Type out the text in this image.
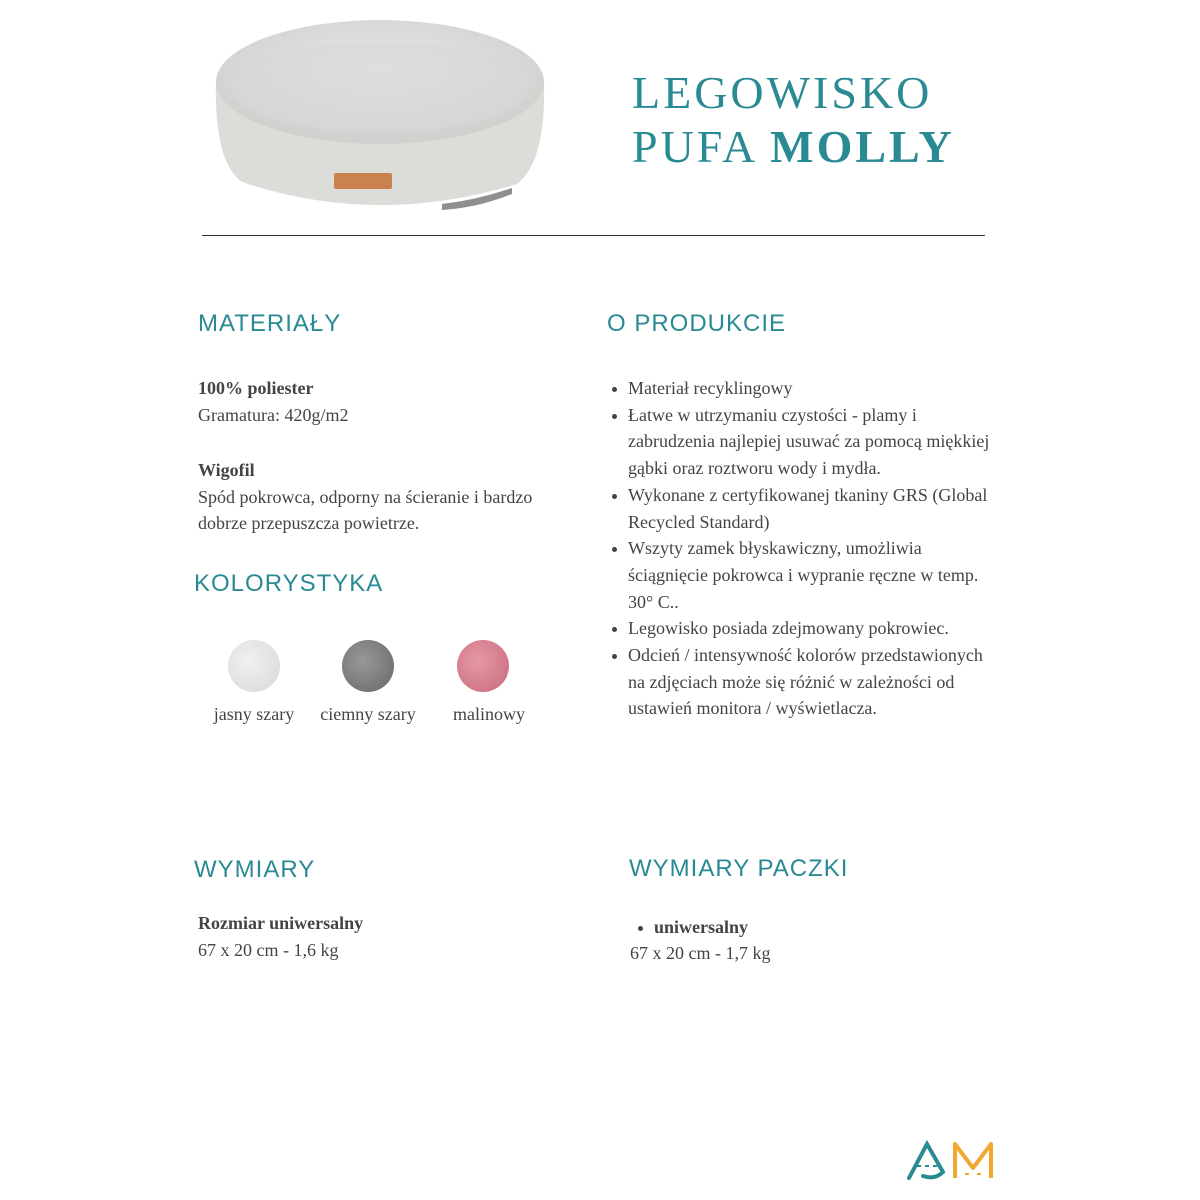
LEGOWISKO
PUFA MOLLY
MATERIAŁY
100% poliester
Gramatura: 420g/m2
Wigofil
Spód pokrowca, odporny na ścieranie i bardzo dobrze przepuszcza powietrze.
KOLORYSTYKA
jasny szary	ciemny szary	malinowy
O PRODUKCIE
Materiał recyklingowy
Łatwe w utrzymaniu czystości - plamy i zabrudzenia najlepiej usuwać za pomocą miękkiej gąbki oraz roztworu wody i mydła.
Wykonane z certyfikowanej tkaniny GRS (Global Recycled Standard)
Wszyty zamek błyskawiczny, umożliwia ściągnięcie pokrowca i wypranie ręczne w temp. 30° C..
Legowisko posiada zdejmowany pokrowiec.
Odcień / intensywność kolorów przedstawionych na zdjęciach może się różnić w zależności od ustawień monitora / wyświetlacza.
WYMIARY
Rozmiar uniwersalny
67 x 20 cm - 1,6 kg
WYMIARY PACZKI
uniwersalny
67 x 20 cm - 1,7 kg
